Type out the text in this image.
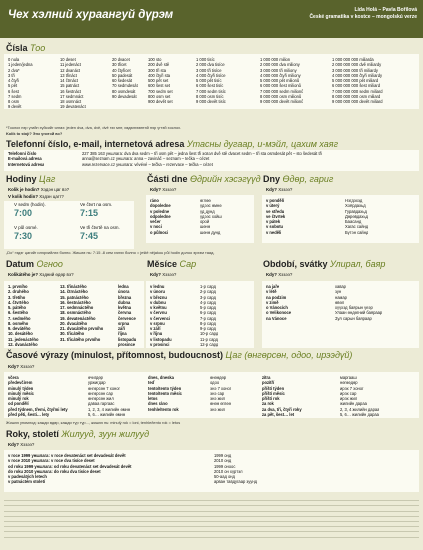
Чех хэлний хураангуй дүрэм	Lída Holá – Pavla Bořilová
České gramatika v kostce – mongolskú verze
Čísla Тоо
0 nula
1 jeden/jedna
2 dva*
3 tři
4 čtyři
5 pět
6 šest
7 sedm
8 osm
9 devět
10 deset
11 jedenáct
12 dvanáct
13 třináct
14 čtrnáct
15 patnáct
16 šestnáct
17 sedmnáct
18 osmnáct
19 devatenáct
20 dvacet
30 třicet
40 čtyřicet
50 padesát
60 šedesát
70 sedmdesát
80 osmdesát
90 devadesát
100 sto
200 dvě stě
300 tři sta
400 čtyři sta
500 pět set
600 šest set
700 sedm set
800 osm set
900 devět set
1 000 tisíc
2 000 dva tisíce
3 000 tři tisíce
4 000 čtyři tisíce
5 000 pět tisíc
6 000 šest tisíc
7 000 sedm tisíc
8 000 osm tisíc
9 000 devět tisíc
1 000 000 milion
2 000 000 dva miliony
3 000 000 tři miliony
4 000 000 čtyři miliony
5 000 000 pět milionů
6 000 000 šest milionů
7 000 000 sedm milionů
8 000 000 osm milionů
9 000 000 devět milionů
1 000 000 000 miliarda
2 000 000 000 dvě miliardy
3 000 000 000 tři miliardy
4 000 000 000 čtyři miliardy
5 000 000 000 pět miliard
6 000 000 000 šest miliard
7 000 000 000 sedm miliard
8 000 000 000 osm miliard
9 000 000 000 devět miliard
*Тоолох нэр үгийн хүйсийг ялгах: jeden dva, dva, dvě, dvě гэх мэт, хөдөлгөөнтэй нэр үгтэй хослох.
Kolik to stojí? Энэ үнэтэй вэ?
Telefonní číslo, e-mail, internetová adresa Утасны дугаар, и-мэйл, цахим хаяг
Telefonní číslo
E-mailová adresa
Internetová adresa
227 385 163 уншлага: dva dva sedm – tři osm pět – jedna šest tři эсвэл dvě stě dvacet sedm – tři sta osmdesát pět – sto šedesát tři
anna@seznam.cz уншлага: anna – zavináč – seznam – tečka – cézet
www.rezervace.cz уншлага: vévévé – tečka – rezervace – tečka – cézet
Hodiny Цаг
Kolik je hodin? Хэдэн цаг вэ?
V kolik hodin? Хэдэн цагт?
V sedm (hodin).
7:00
Ve čtvrt na osm.
7:15
V půl osmé.
7:30
Ve tři čtvrtě na osm.
7:45
„Do“ гэдэг цагийг илэрхийлэх болно. Жишээ нь: 7:15 -8 сем хэлэх болно = ještě nějakou půl hodin долоо эрхэм таад.
Části dne Өдрийн хэсэгүүд
Kdy? Хэзээ?
ráno
dopoledne
v poledne
odpoledne
večer
v noci
o půlnoci
өглөө
үдээс өмнө
үд дунд
үдээс хойш
орой
шөнө
шөнө дунд
Dny Өдөр, гариг
Kdy? Хэзээ?
v pondělí
v úterý
ve středu
ve čtvrtek
v pátek
v sobotu
v neděli
Нэгдэхэд
Хоёрдахьд
Гуравдахьд
Дөрөвдахьд
Баасанд
Хагас сайнд
Бүтэн сайнд
Datum Огноо
Kolikátého je? Хэдний өдөр вэ?
1. prvního
2. druhého
3. třetího
4. čtvrtého
5. pátého
6. šestého
7. sedmého
8. osmého
9. devátého
10. desátého
11. jedenáctého
12. dvanáctého
13. třináctého
14. čtrnáctého
15. patnáctého
16. šestnáctého
17. sedmnáctého
18. osmnáctého
19. devatenáctého
20. dvacátého
21. dvacátého prvního
30. třicátého
31. třicátého prvního
ledna
února
března
dubna
května
června
července
srpna
září
října
listopadu
prosince
Měsíce Сар
Kdy? Хэзээ?
v lednu
v únoru
v březnu
v dubnu
v květnu
v červnu
v červenci
v srpnu
v září
v říjnu
v listopadu
v prosinci
1-р сард
2-р сард
3-р сард
4-р сард
5-р сард
6-р сард
7-р сард
8-р сард
9-р сард
10-р сард
11-р сард
12-р сард
Období, svátky Улирал, баяр
Kdy? Хэзээ?
na jaře
v létě
na podzim
v zimě
o Vánocích
o Velikonoce
na Vánoce
хавар
зун
намар
өвөл
хүүхэд баярын үеэр
Улаан өндөгний баяраар
Зул сарын баяраар
Časové výrazy (minulost, přítomnost, budoucnost) Цаг (өнгөрсөн, одоо, ирээдүй)
Kdy? Хэзээ?
včera
předevčírem
minulý týden
minulý měsíc
minulý rok
od pondělí
před týdnem, třemi, čtyřmi lety
před pěti, šesti… lety
өчигдөр
уржигдар
өнгөрсөн 7 хоног
өнгөрсөн сар
өнгөрсөн жил
даваа гаргаас
1, 2, 3, 4 жилийн өмнө
5, 6… жилийн өмнө
dnes, dneska
teď
tento/tento týden
tento/tento měsíc
letos
dnes ráno
tenhle/tento rok
өнөөдөр
одоо
энэ 7 хоног
энэ сар
энэ жил
өнөө өглөө
энэ жил
zítra
pozítří
příští týden
příští měsíc
příští rok
za rok
za dva, tři, čtyři roky
za pět, šest… let
маргааш
нөгөөдөр
ирэх 7 хоног
ирэх сар
ирэх жил
жилийн дараа
2, 3, 4 жилийн дараа
5, 6… жилийн дараа
Жишээ упомлод: кажди өдөр, кажди түр түр..., жишээ нь: minulý rok = loni, tenhle/tento rok = letos
Roky, století Жилууд, зуун жилууд
Kdy? Хэзээ?
v roce 1999 уншлага: v roce devatenáct set devadesát devět
v roce 2010 уншлага: v roce dva tisíce deset
od roku 1999 уншлага: od roku devatenáct set devadesát devět
do roku 2010 уншлага: do roku dva tisíce deset
v padesátých letech
v patnáctém století
1999 онд
2010 онд
1999 оноос
2010 он хүртэл
50-аад онд
арван тавдугаар зуунд
